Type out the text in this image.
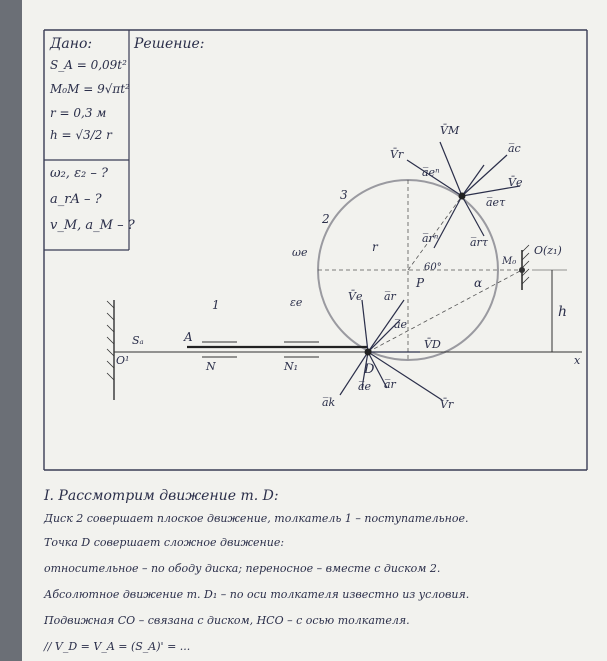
Дано:
S_A = 0,09t²
M₀M = 9√πt²
r = 0,3 м
h = √3/2 r
ω₂, ε₂ – ?
a_rA – ?
v_M, a_M – ?
Решение:
V̄M
a̅c
V̄r
a̅eⁿ
V̄e
a̅eτ
a̅rⁿ	a̅rτ
3
2
r
ωe
60°
P	α
M₀
O(z₁)
h
εe
1
V̄e a̅r
a̅e
V̄D
Sₐ	A
O¹	N	N₁	D
a̅k
a̅e a̅r
V̄r
x
I. Рассмотрим движение т. D:
Диск 2 совершает плоское движение, толкатель 1 – поступательное.
Точка D совершает сложное движение:
относительное – по ободу диска; переносное – вместе с диском 2.
Абсолютное движение т. D₁ – по оси толкателя известно из условия.
Подвижная СО – связана с диском, НСО – с осью толкателя.
// V_D = V_A = (S_A)' = ...
